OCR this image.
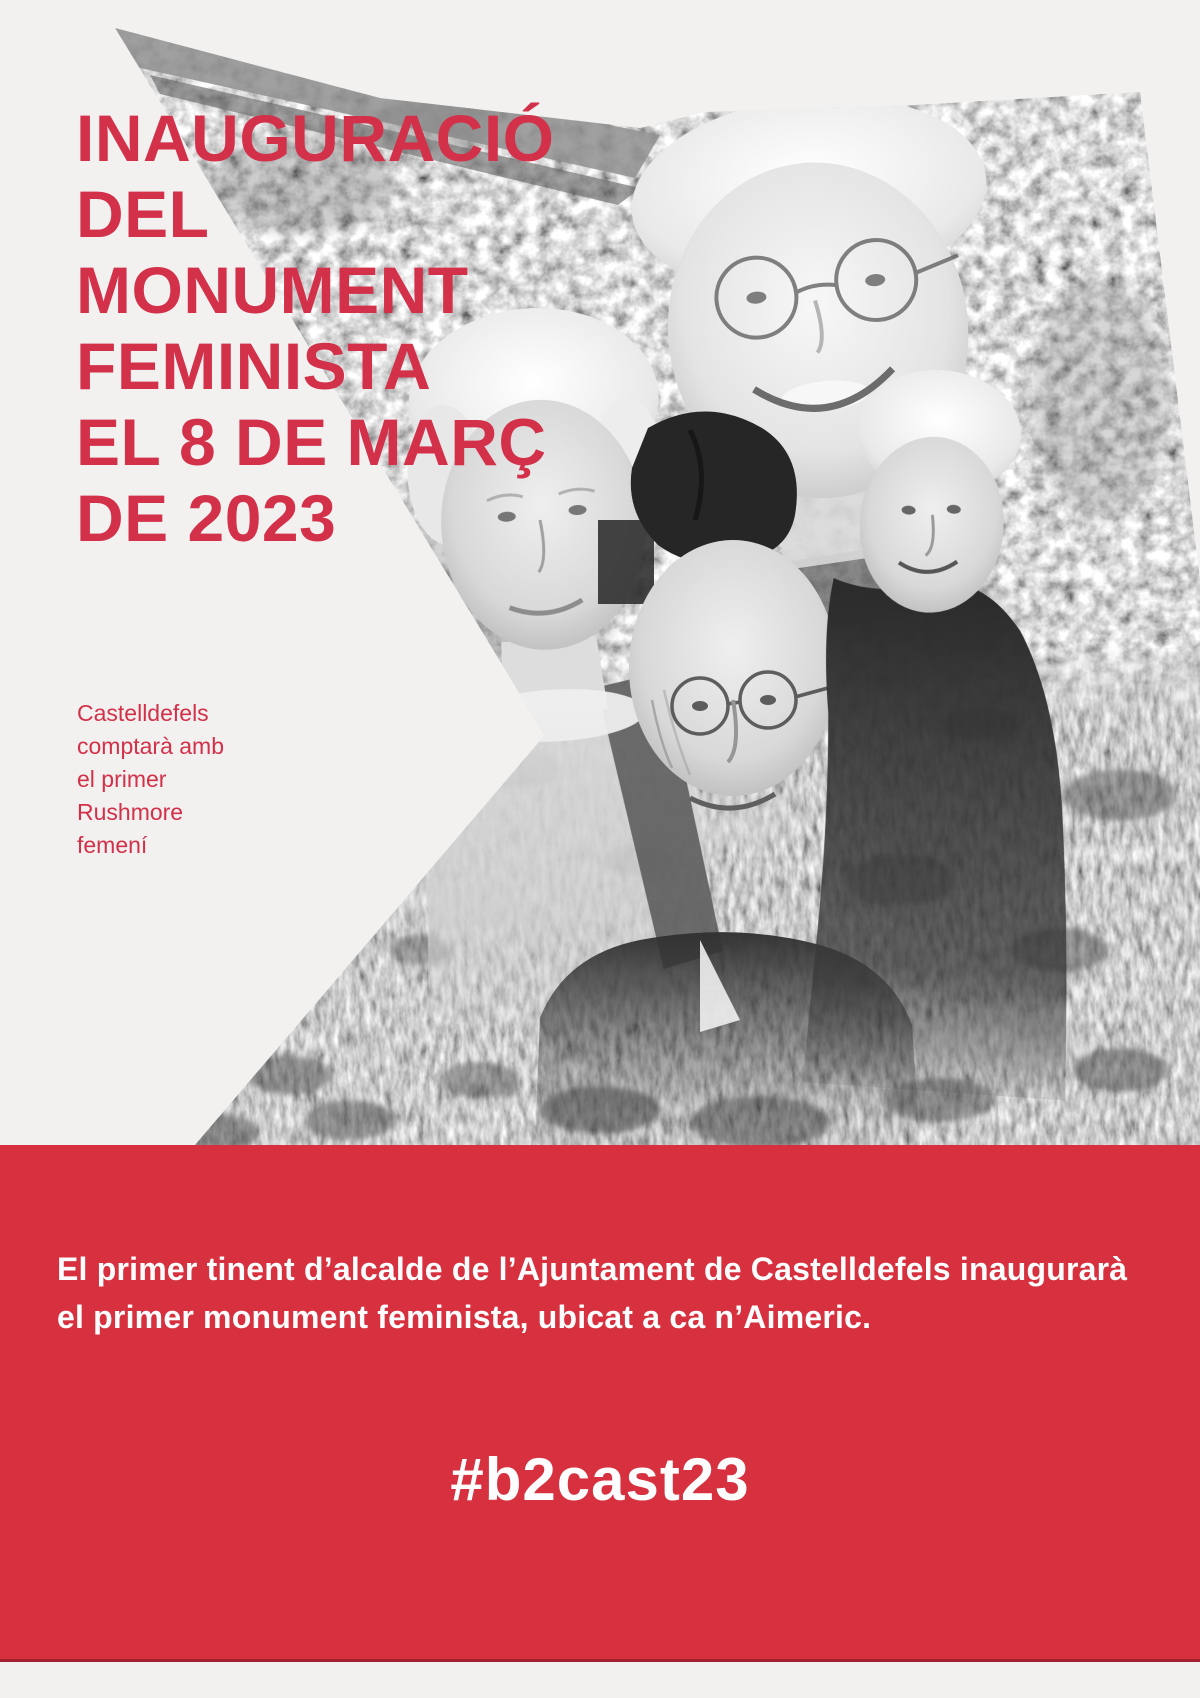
INAUGURACIÓ
DEL
MONUMENT
FEMINISTA
EL 8 DE MARÇ
DE 2023
Castelldefels comptarà amb el primer Rushmore femení

El primer tinent d’alcalde de l’Ajuntament de Castelldefels inaugurarà el primer monument feminista, ubicat a ca n’Aimeric.

#b2cast23
